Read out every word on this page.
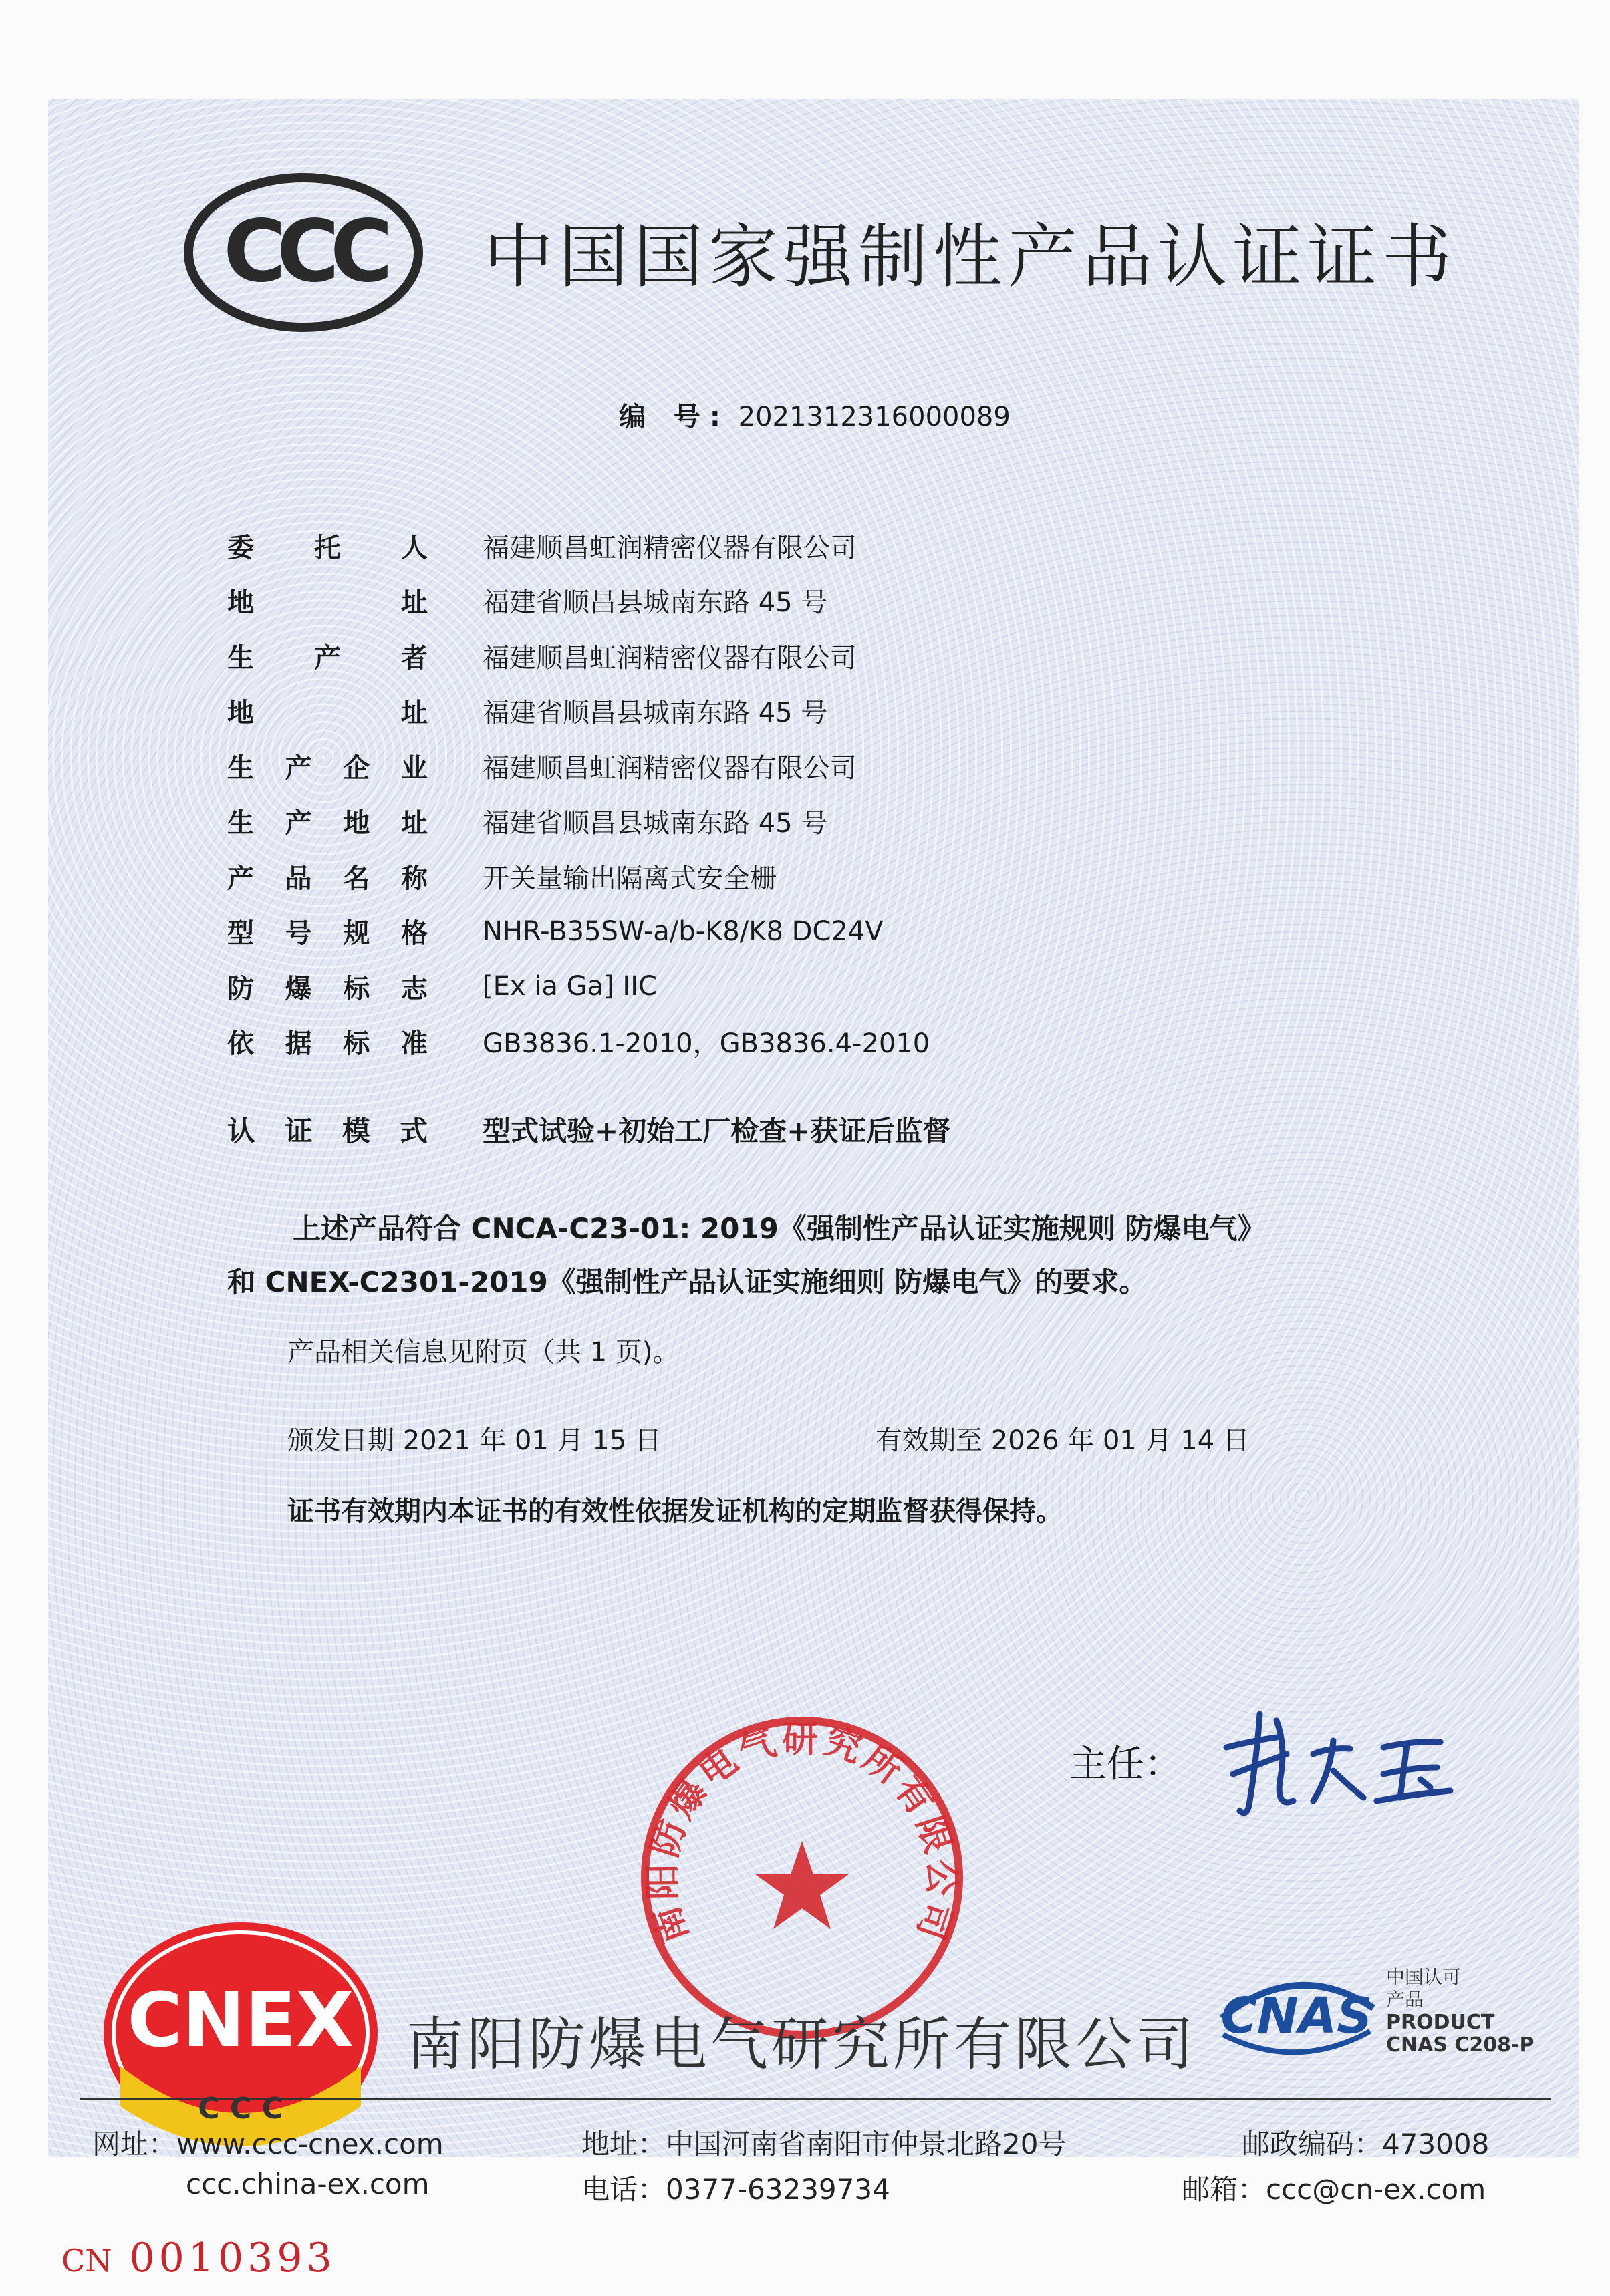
CCC 中国国家强制性产品认证证书
编 号: 2021312316000089
委 托 人 福建顺昌虹润精密仪器有限公司
地	址 福建省顺昌县城南东路 45 号
生 产 者 福建顺昌虹润精密仪器有限公司
地	址 福建省顺昌县城南东路 45 号
生 产 企 业 福建顺昌虹润精密仪器有限公司
生 产 地 址 福建省顺昌县城南东路 45 号
产 品 名 称 开关量输出隔离式安全栅
型 号 规 格 NHR-B35SW-a/b-K8/K8 DC24V
防 爆 标 志 [Ex ia Ga] IIC
依 据 标 准 GB3836.1-2010，GB3836.4-2010
认 证 模 式 型式试验+初始工厂检查+获证后监督
上述产品符合 CNCA-C23-01: 2019《强制性产品认证实施规则 防爆电气》
和 CNEX-C2301-2019《强制性产品认证实施细则 防爆电气》的要求。
产品相关信息见附页（共 1 页)。
颁发日期 2021 年 01 月 15 日	有效期至 2026 年 01 月 14 日
证书有效期内本证书的有效性依据发证机构的定期监督获得保持。
主任：
南阳防爆电气研究所有限公司
CNEX
C C C
南阳防爆电气研究所有限公司 CNAS
中国认可
产品
PRODUCT
CNAS C208-P
网址：www.ccc-cnex.com
ccc.china-ex.com
地址：中国河南省南阳市仲景北路20号
电话：0377-63239734
邮政编码：473008
邮箱：ccc@cn-ex.com
CN 0010393
